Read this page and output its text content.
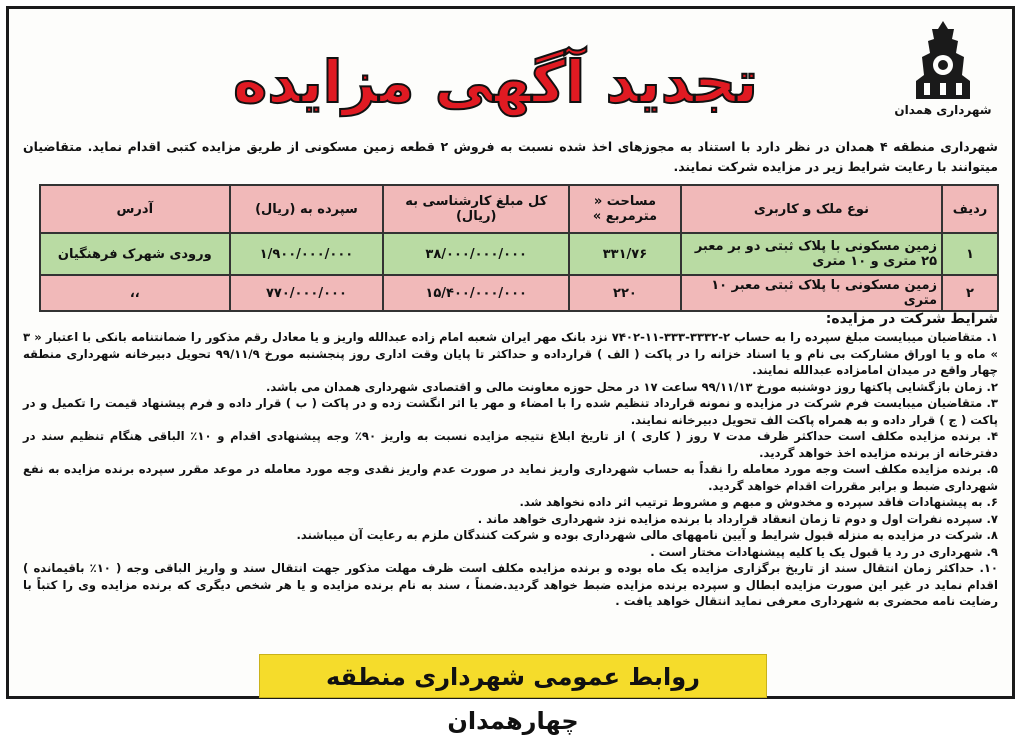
شهرداری همدان
تجدید آگهی مزایده
شهرداری منطقه ۴ همدان در نظر دارد با استناد به مجوزهای اخذ شده نسبت به فروش ۲ قطعه زمین مسکونی از طریق مزایده کتبی اقدام نماید. متقاضیان میتوانند با رعایت شرایط زیر در مزایده شرکت نمایند.
ردیف	نوع ملک و کاربری	مساحت « مترمربع »	کل مبلغ کارشناسی به (ریال)	سپرده به (ریال)	آدرس
۱	زمین مسکونی با پلاک ثبتی دو بر معبر ۲۵ متری و ۱۰ متری	۳۳۱/۷۶	۳۸/۰۰۰/۰۰۰/۰۰۰	۱/۹۰۰/۰۰۰/۰۰۰	ورودی شهرک فرهنگیان
۲	زمین مسکونی با پلاک ثبتی معبر ۱۰ متری	۲۲۰	۱۵/۴۰۰/۰۰۰/۰۰۰	۷۷۰/۰۰۰/۰۰۰	،،
شرایط شرکت در مزایده:

۱. متقاضیان میبایست مبلغ سپرده را به حساب ۲-۳۳۳۲-۳۳۳-۱۱-۷۴۰۲ نزد بانک مهر ایران شعبه امام زاده عبدالله واریز و یا معادل رقم مذکور را ضمانتنامه بانکی با اعتبار « ۳ » ماه و یا اوراق مشارکت بی نام و یا اسناد خزانه را در پاکت ( الف ) قرارداده و حداکثر تا پایان وقت اداری روز پنجشنبه مورخ ۹۹/۱۱/۹ تحویل دبیرخانه شهرداری منطقه چهار واقع در میدان امامزاده عبدالله نمایند.

۲. زمان بازگشایی پاکتها روز دوشنبه مورخ ۹۹/۱۱/۱۳ ساعت ۱۷ در محل حوزه معاونت مالی و اقتصادی شهرداری همدان می باشد.

۳. متقاضیان میبایست فرم شرکت در مزایده و نمونه قرارداد تنظیم شده را با امضاء و مهر یا اثر انگشت زده و در پاکت ( ب ) قرار داده و فرم پیشنهاد قیمت را تکمیل و در پاکت ( ج ) قرار داده و به همراه پاکت الف تحویل دبیرخانه نمایند.

۴. برنده مزایده مکلف است حداکثر ظرف مدت ۷ روز ( کاری ) از تاریخ ابلاغ نتیجه مزایده نسبت به واریز ۹۰٪ وجه پیشنهادی اقدام و ۱۰٪ الباقی هنگام تنظیم سند در دفترخانه از برنده مزایده اخذ خواهد گردید.

۵. برنده مزایده مکلف است وجه مورد معامله را نقداً به حساب شهرداری واریز نماید در صورت عدم واریز نقدی وجه مورد معامله در موعد مقرر سپرده برنده مزایده به نفع شهرداری ضبط و برابر مقررات اقدام خواهد گردید.

۶. به پیشنهادات فاقد سپرده و مخدوش و مبهم و مشروط ترتیب اثر داده نخواهد شد.

۷. سپرده نفرات اول و دوم تا زمان انعقاد قرارداد با برنده مزایده نزد شهرداری خواهد ماند .

۸. شرکت در مزایده به منزله قبول شرایط و آیین نامههای مالی شهرداری بوده و شرکت کنندگان ملزم به رعایت آن میباشند.

۹. شهرداری در رد یا قبول یک یا کلیه پیشنهادات مختار است .

۱۰. حداکثر زمان انتقال سند از تاریخ برگزاری مزایده یک ماه بوده و برنده مزایده مکلف است ظرف مهلت مذکور جهت انتقال سند و واریز الباقی وجه ( ۱۰٪ باقیمانده ) اقدام نماید در غیر این صورت مزایده ابطال و سپرده برنده مزایده ضبط خواهد گردید.ضمناً ، سند به نام برنده مزایده و یا هر شخص دیگری که برنده مزایده وی را کتباً با رضایت نامه محضری به شهرداری معرفی نماید انتقال خواهد یافت .

روابط عمومی شهرداری منطقه چهارهمدان
